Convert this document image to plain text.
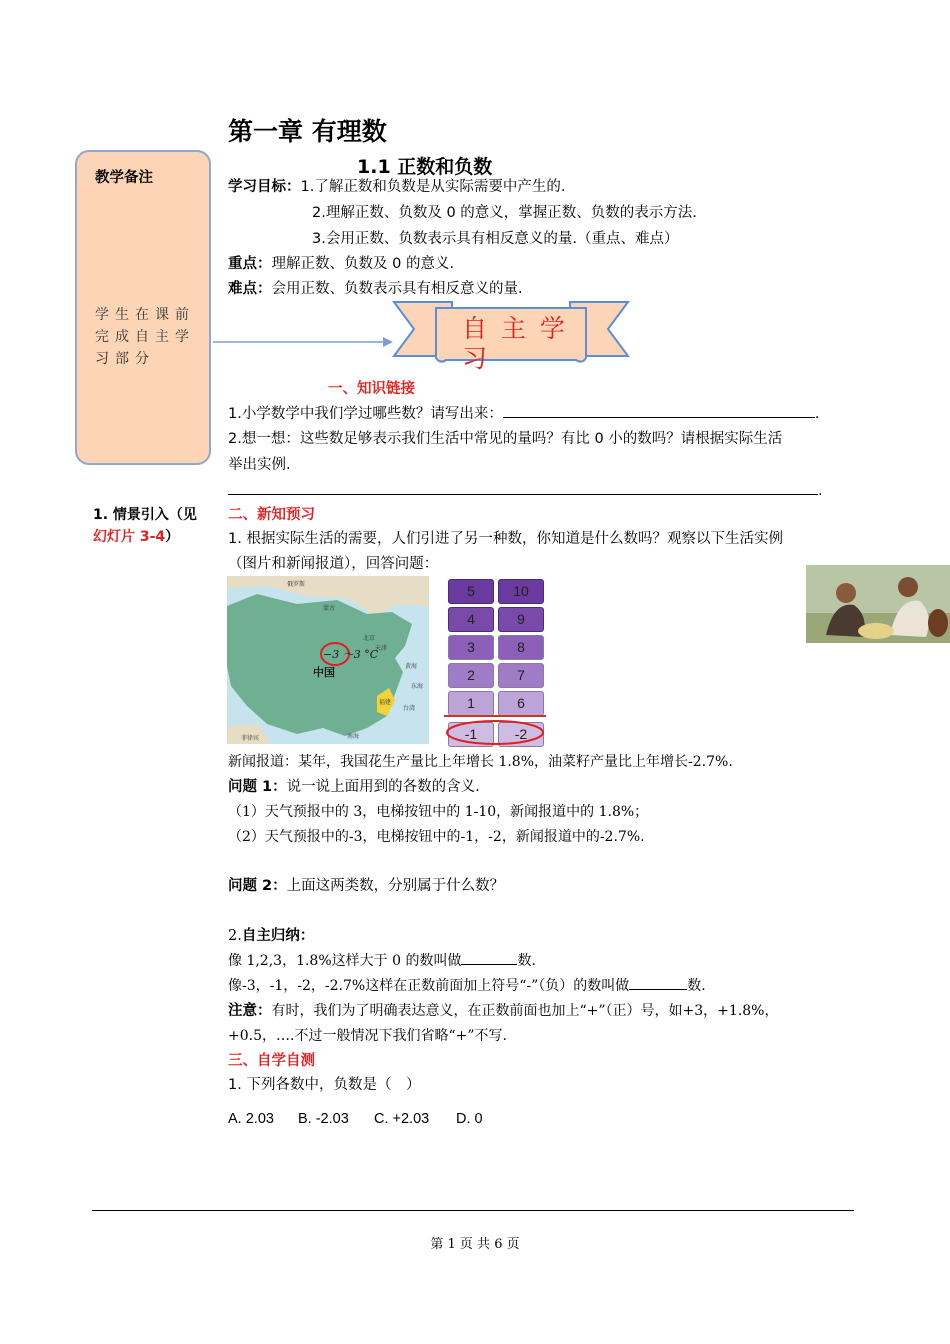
第一章 有理数
1.1 正数和负数
教学备注
学生在课前完成自主学习部分
1. 情景引入（见幻灯片 3-4）
学习目标：1.了解正数和负数是从实际需要中产生的.
2.理解正数、负数及 0 的意义，掌握正数、负数的表示方法.
3.会用正数、负数表示具有相反意义的量.（重点、难点）
重点：理解正数、负数及 0 的意义.
难点：会用正数、负数表示具有相反意义的量.
自 主 学 习
一、知识链接
1.小学数学中我们学过哪些数？请写出来：	.
2.想一想：这些数足够表示我们生活中常见的量吗？有比 0 小的数吗？请根据实际生活
举出实例.
.
二、新知预习
1. 根据实际生活的需要，人们引进了另一种数，你知道是什么数吗？观察以下生活实例
（图片和新闻报道），回答问题：
−3 ～3 °C
中国
俄罗斯
蒙古
北京
天津
黄海
东海
南海
台湾
福建
菲律宾
5	10
4	9
3	8
2	7
1	6
-1	-2
新闻报道：某年，我国花生产量比上年增长 1.8%，油菜籽产量比上年增长-2.7%.
问题 1：说一说上面用到的各数的含义.
（1）天气预报中的 3，电梯按钮中的 1-10，新闻报道中的 1.8%；
（2）天气预报中的-3，电梯按钮中的-1，-2，新闻报道中的-2.7%.
问题 2：上面这两类数，分别属于什么数？
2.自主归纳：
像 1,2,3，1.8%这样大于 0 的数叫做	数.
像-3，-1，-2，-2.7%这样在正数前面加上符号“-”（负）的数叫做	数.
注意：有时，我们为了明确表达意义，在正数前面也加上“+”（正）号，如+3，+1.8%，
+0.5，….不过一般情况下我们省略“+”不写.
三、自学自测
1. 下列各数中，负数是（　）
A. 2.03 B. -2.03 C. +2.03 D. 0
第 1 页 共 6 页
